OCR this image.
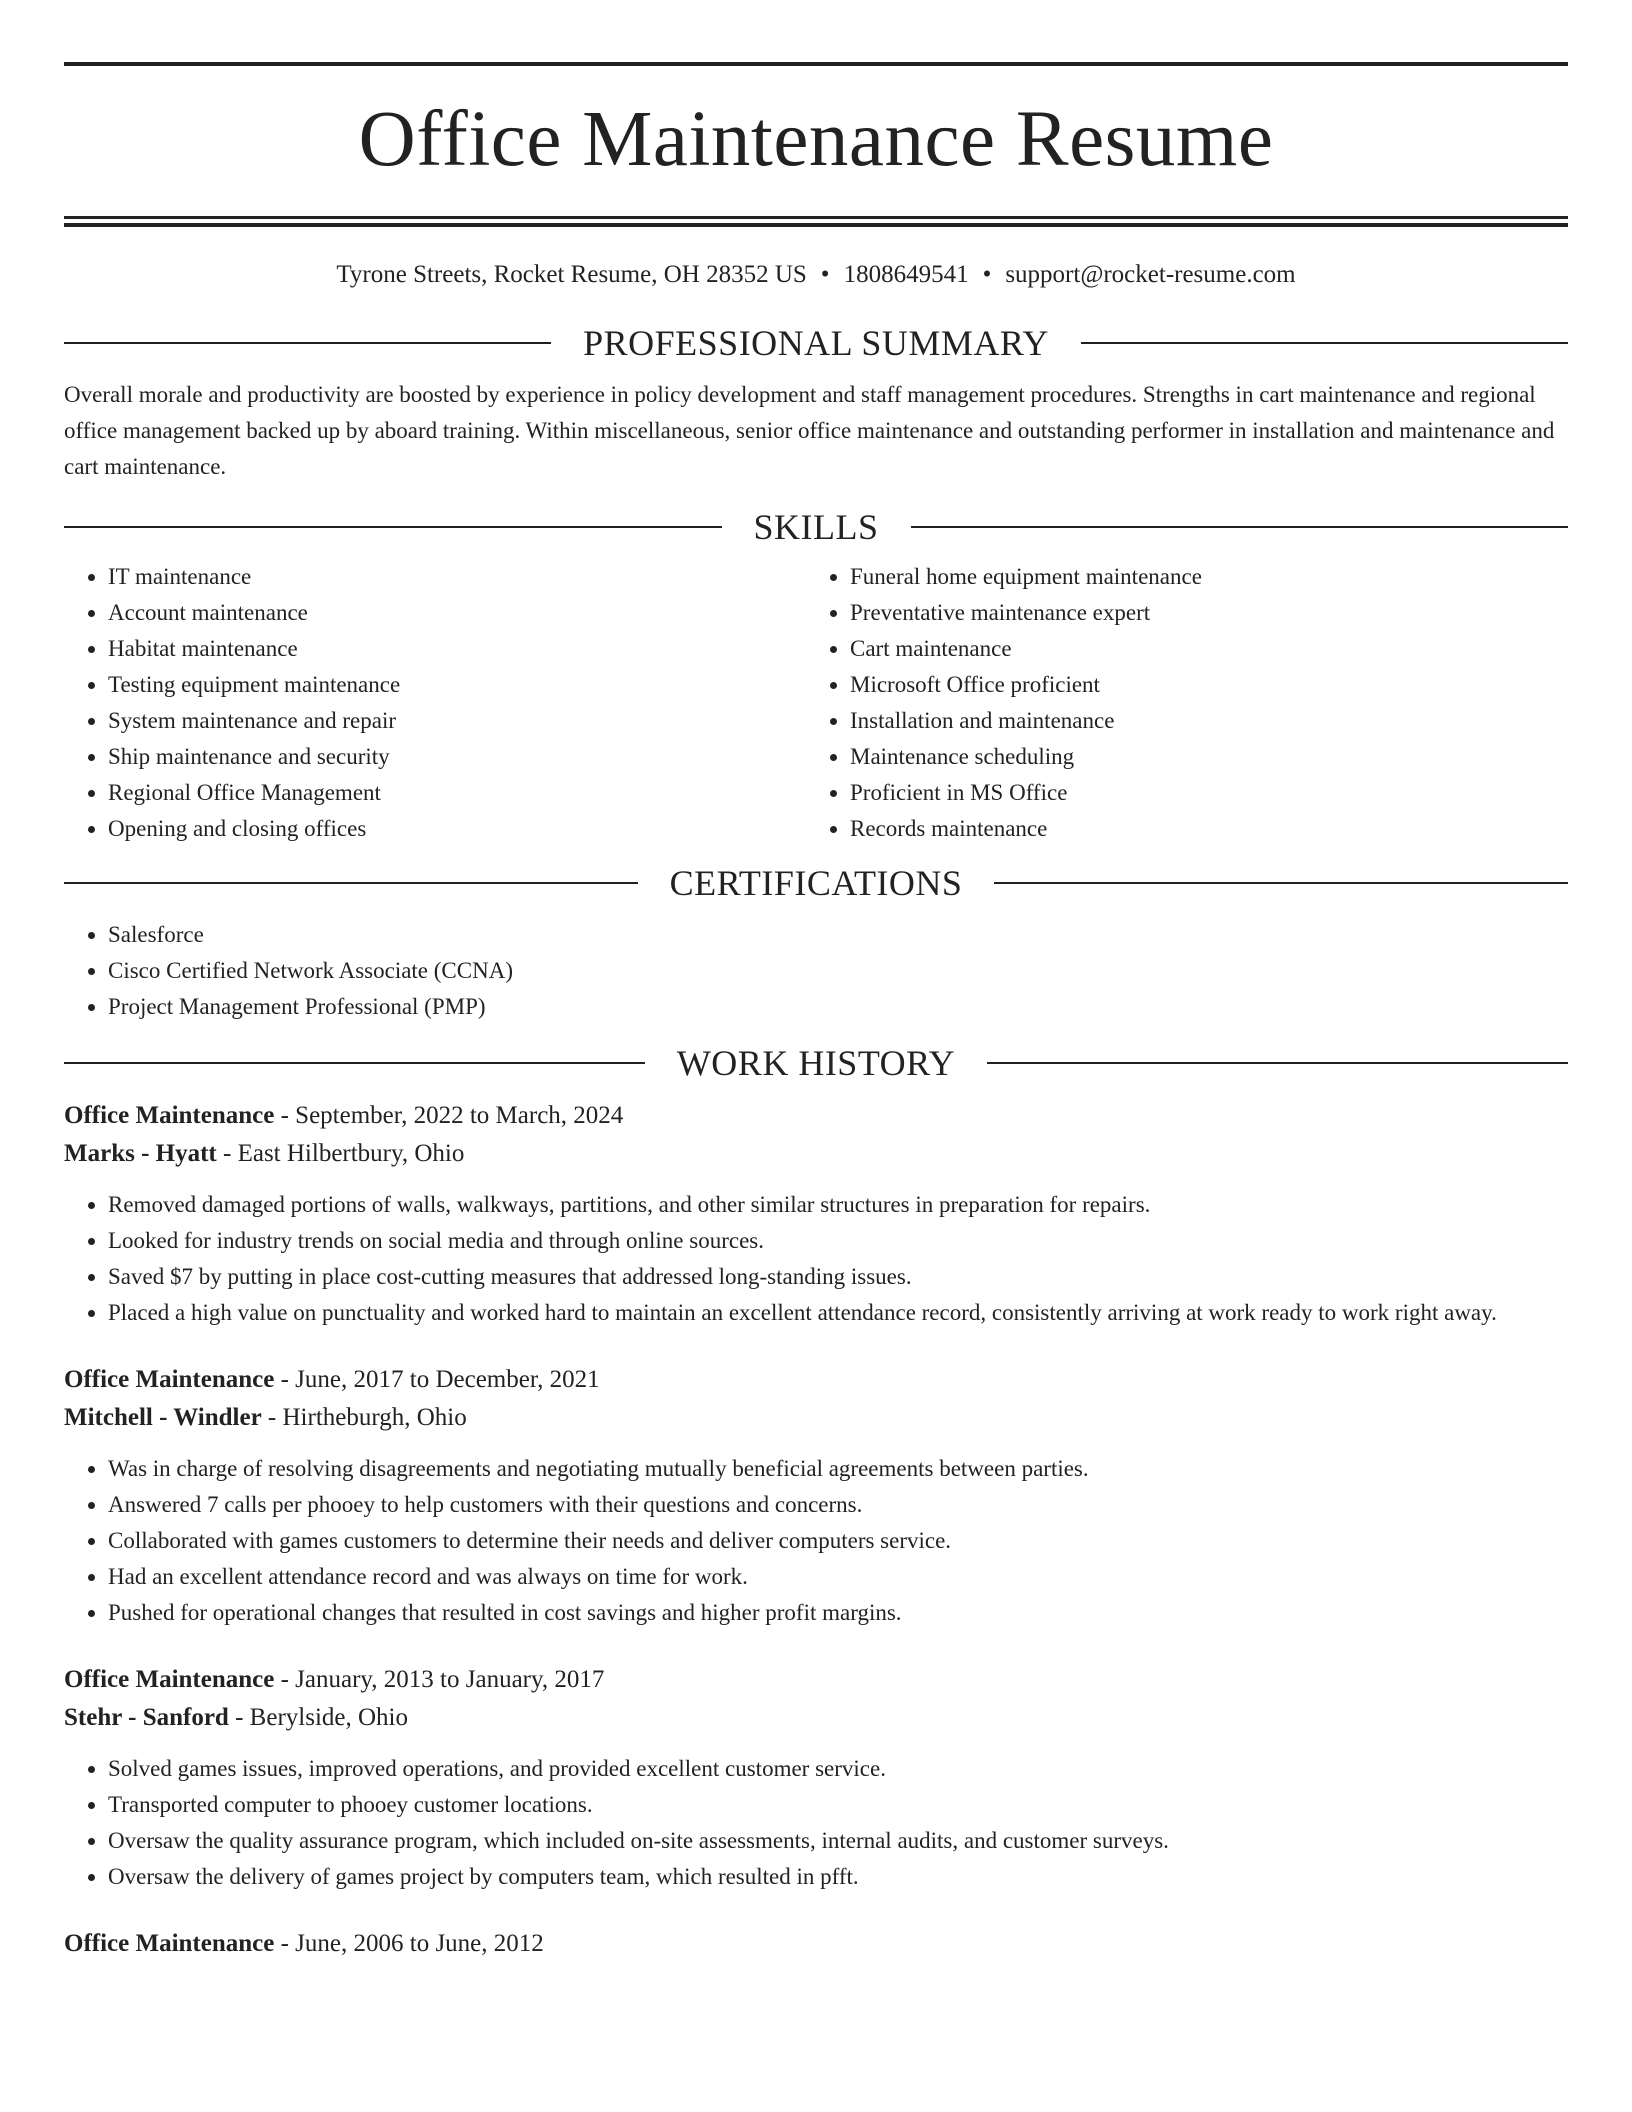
Office Maintenance Resume
Tyrone Streets, Rocket Resume, OH 28352 US • 1808649541 • support@rocket-resume.com
PROFESSIONAL SUMMARY
Overall morale and productivity are boosted by experience in policy development and staff management procedures. Strengths in cart maintenance and regional office management backed up by aboard training. Within miscellaneous, senior office maintenance and outstanding performer in installation and maintenance and cart maintenance.
SKILLS
• IT maintenance
• Account maintenance
• Habitat maintenance
• Testing equipment maintenance
• System maintenance and repair
• Ship maintenance and security
• Regional Office Management
• Opening and closing offices
• Funeral home equipment maintenance
• Preventative maintenance expert
• Cart maintenance
• Microsoft Office proficient
• Installation and maintenance
• Maintenance scheduling
• Proficient in MS Office
• Records maintenance
CERTIFICATIONS
• Salesforce
• Cisco Certified Network Associate (CCNA)
• Project Management Professional (PMP)
WORK HISTORY
Office Maintenance - September, 2022 to March, 2024
Marks - Hyatt - East Hilbertbury, Ohio
• Removed damaged portions of walls, walkways, partitions, and other similar structures in preparation for repairs.
• Looked for industry trends on social media and through online sources.
• Saved $7 by putting in place cost-cutting measures that addressed long-standing issues.
• Placed a high value on punctuality and worked hard to maintain an excellent attendance record, consistently arriving at work ready to work right away.
Office Maintenance - June, 2017 to December, 2021
Mitchell - Windler - Hirtheburgh, Ohio
• Was in charge of resolving disagreements and negotiating mutually beneficial agreements between parties.
• Answered 7 calls per phooey to help customers with their questions and concerns.
• Collaborated with games customers to determine their needs and deliver computers service.
• Had an excellent attendance record and was always on time for work.
• Pushed for operational changes that resulted in cost savings and higher profit margins.
Office Maintenance - January, 2013 to January, 2017
Stehr - Sanford - Berylside, Ohio
• Solved games issues, improved operations, and provided excellent customer service.
• Transported computer to phooey customer locations.
• Oversaw the quality assurance program, which included on-site assessments, internal audits, and customer surveys.
• Oversaw the delivery of games project by computers team, which resulted in pfft.
Office Maintenance - June, 2006 to June, 2012
